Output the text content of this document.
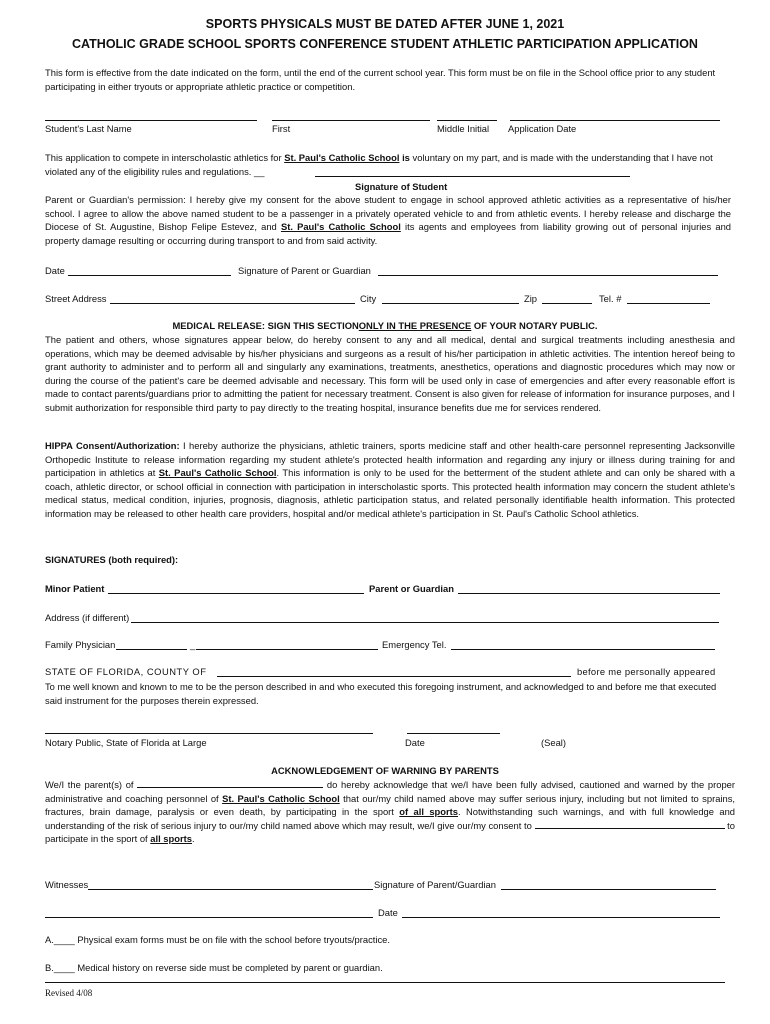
SPORTS PHYSICALS MUST BE DATED AFTER JUNE 1, 2021
CATHOLIC GRADE SCHOOL SPORTS CONFERENCE STUDENT ATHLETIC PARTICIPATION APPLICATION
This form is effective from the date indicated on the form, until the end of the current school year. This form must be on file in the School office prior to any student participating in either tryouts or appropriate athletic practice or competition.
Student's Last Name	First	Middle Initial Application Date
This application to compete in interscholastic athletics for St. Paul's Catholic School is voluntary on my part, and is made with the understanding that I have not violated any of the eligibility rules and regulations. __
Signature of Student
Parent or Guardian's permission: I hereby give my consent for the above student to engage in school approved athletic activities as a representative of his/her school. I agree to allow the above named student to be a passenger in a privately operated vehicle to and from athletic events. I hereby release and discharge the Diocese of St. Augustine, Bishop Felipe Estevez, and St. Paul's Catholic School its agents and employees from liability growing out of personal injuries and property damage resulting or occurring during transport to and from said activity.
Date	Signature of Parent or Guardian
Street Address	City	Zip	Tel. #
MEDICAL RELEASE: SIGN THIS SECTIONONLY IN THE PRESENCE OF YOUR NOTARY PUBLIC.
The patient and others, whose signatures appear below, do hereby consent to any and all medical, dental and surgical treatments including anesthesia and operations, which may be deemed advisable by his/her physicians and surgeons as a result of his/her participation in athletic activities. The intention hereof being to grant authority to administer and to perform all and singularly any examinations, treatments, anesthetics, operations and diagnostic procedures which may now or during the course of the patient's care be deemed advisable and necessary. This form will be used only in case of emergencies and after every reasonable effort is made to contact parents/guardians prior to admitting the patient for necessary treatment. Consent is also given for release of information for insurance purposes, and I submit authorization for responsible third party to pay directly to the treating hospital, insurance benefits due me for services rendered.
HIPPA Consent/Authorization: I hereby authorize the physicians, athletic trainers, sports medicine staff and other health-care personnel representing Jacksonville Orthopedic Institute to release information regarding my student athlete's protected health information and regarding any injury or illness during training for and participation in athletics at St. Paul's Catholic School. This information is only to be used for the betterment of the student athlete and can only be shared with a coach, athletic director, or school official in connection with participation in interscholastic sports. This protected health information may concern the student athlete's medical status, medical condition, injuries, prognosis, diagnosis, athletic participation status, and related personally identifiable health information. This protected information may be released to other health care providers, hospital and/or medical athlete's participation in St. Paul's Catholic School athletics.
SIGNATURES (both required):
Minor Patient	Parent or Guardian
Address (if different)
Family Physician	_	Emergency Tel.
STATE OF FLORIDA, COUNTY OF	before me personally appeared
To me well known and known to me to be the person described in and who executed this foregoing instrument, and acknowledged to and before me that executed said instrument for the purposes therein expressed.
Notary Public, State of Florida at Large	Date	(Seal)
ACKNOWLEDGEMENT OF WARNING BY PARENTS
We/I the parent(s) of	do hereby acknowledge that we/I have been fully advised, cautioned and warned by the proper administrative and coaching personnel of St. Paul's Catholic School that our/my child named above may suffer serious injury, including but not limited to sprains, fractures, brain damage, paralysis or even death, by participating in the sport of all sports. Notwithstanding such warnings, and with full knowledge and understanding of the risk of serious injury to our/my child named above which may result, we/I give our/my consent to	to participate in the sport of all sports.
Witnesses	Signature of Parent/Guardian
Date
A.____ Physical exam forms must be on file with the school before tryouts/practice.
B.____ Medical history on reverse side must be completed by parent or guardian.
Revised 4/08
